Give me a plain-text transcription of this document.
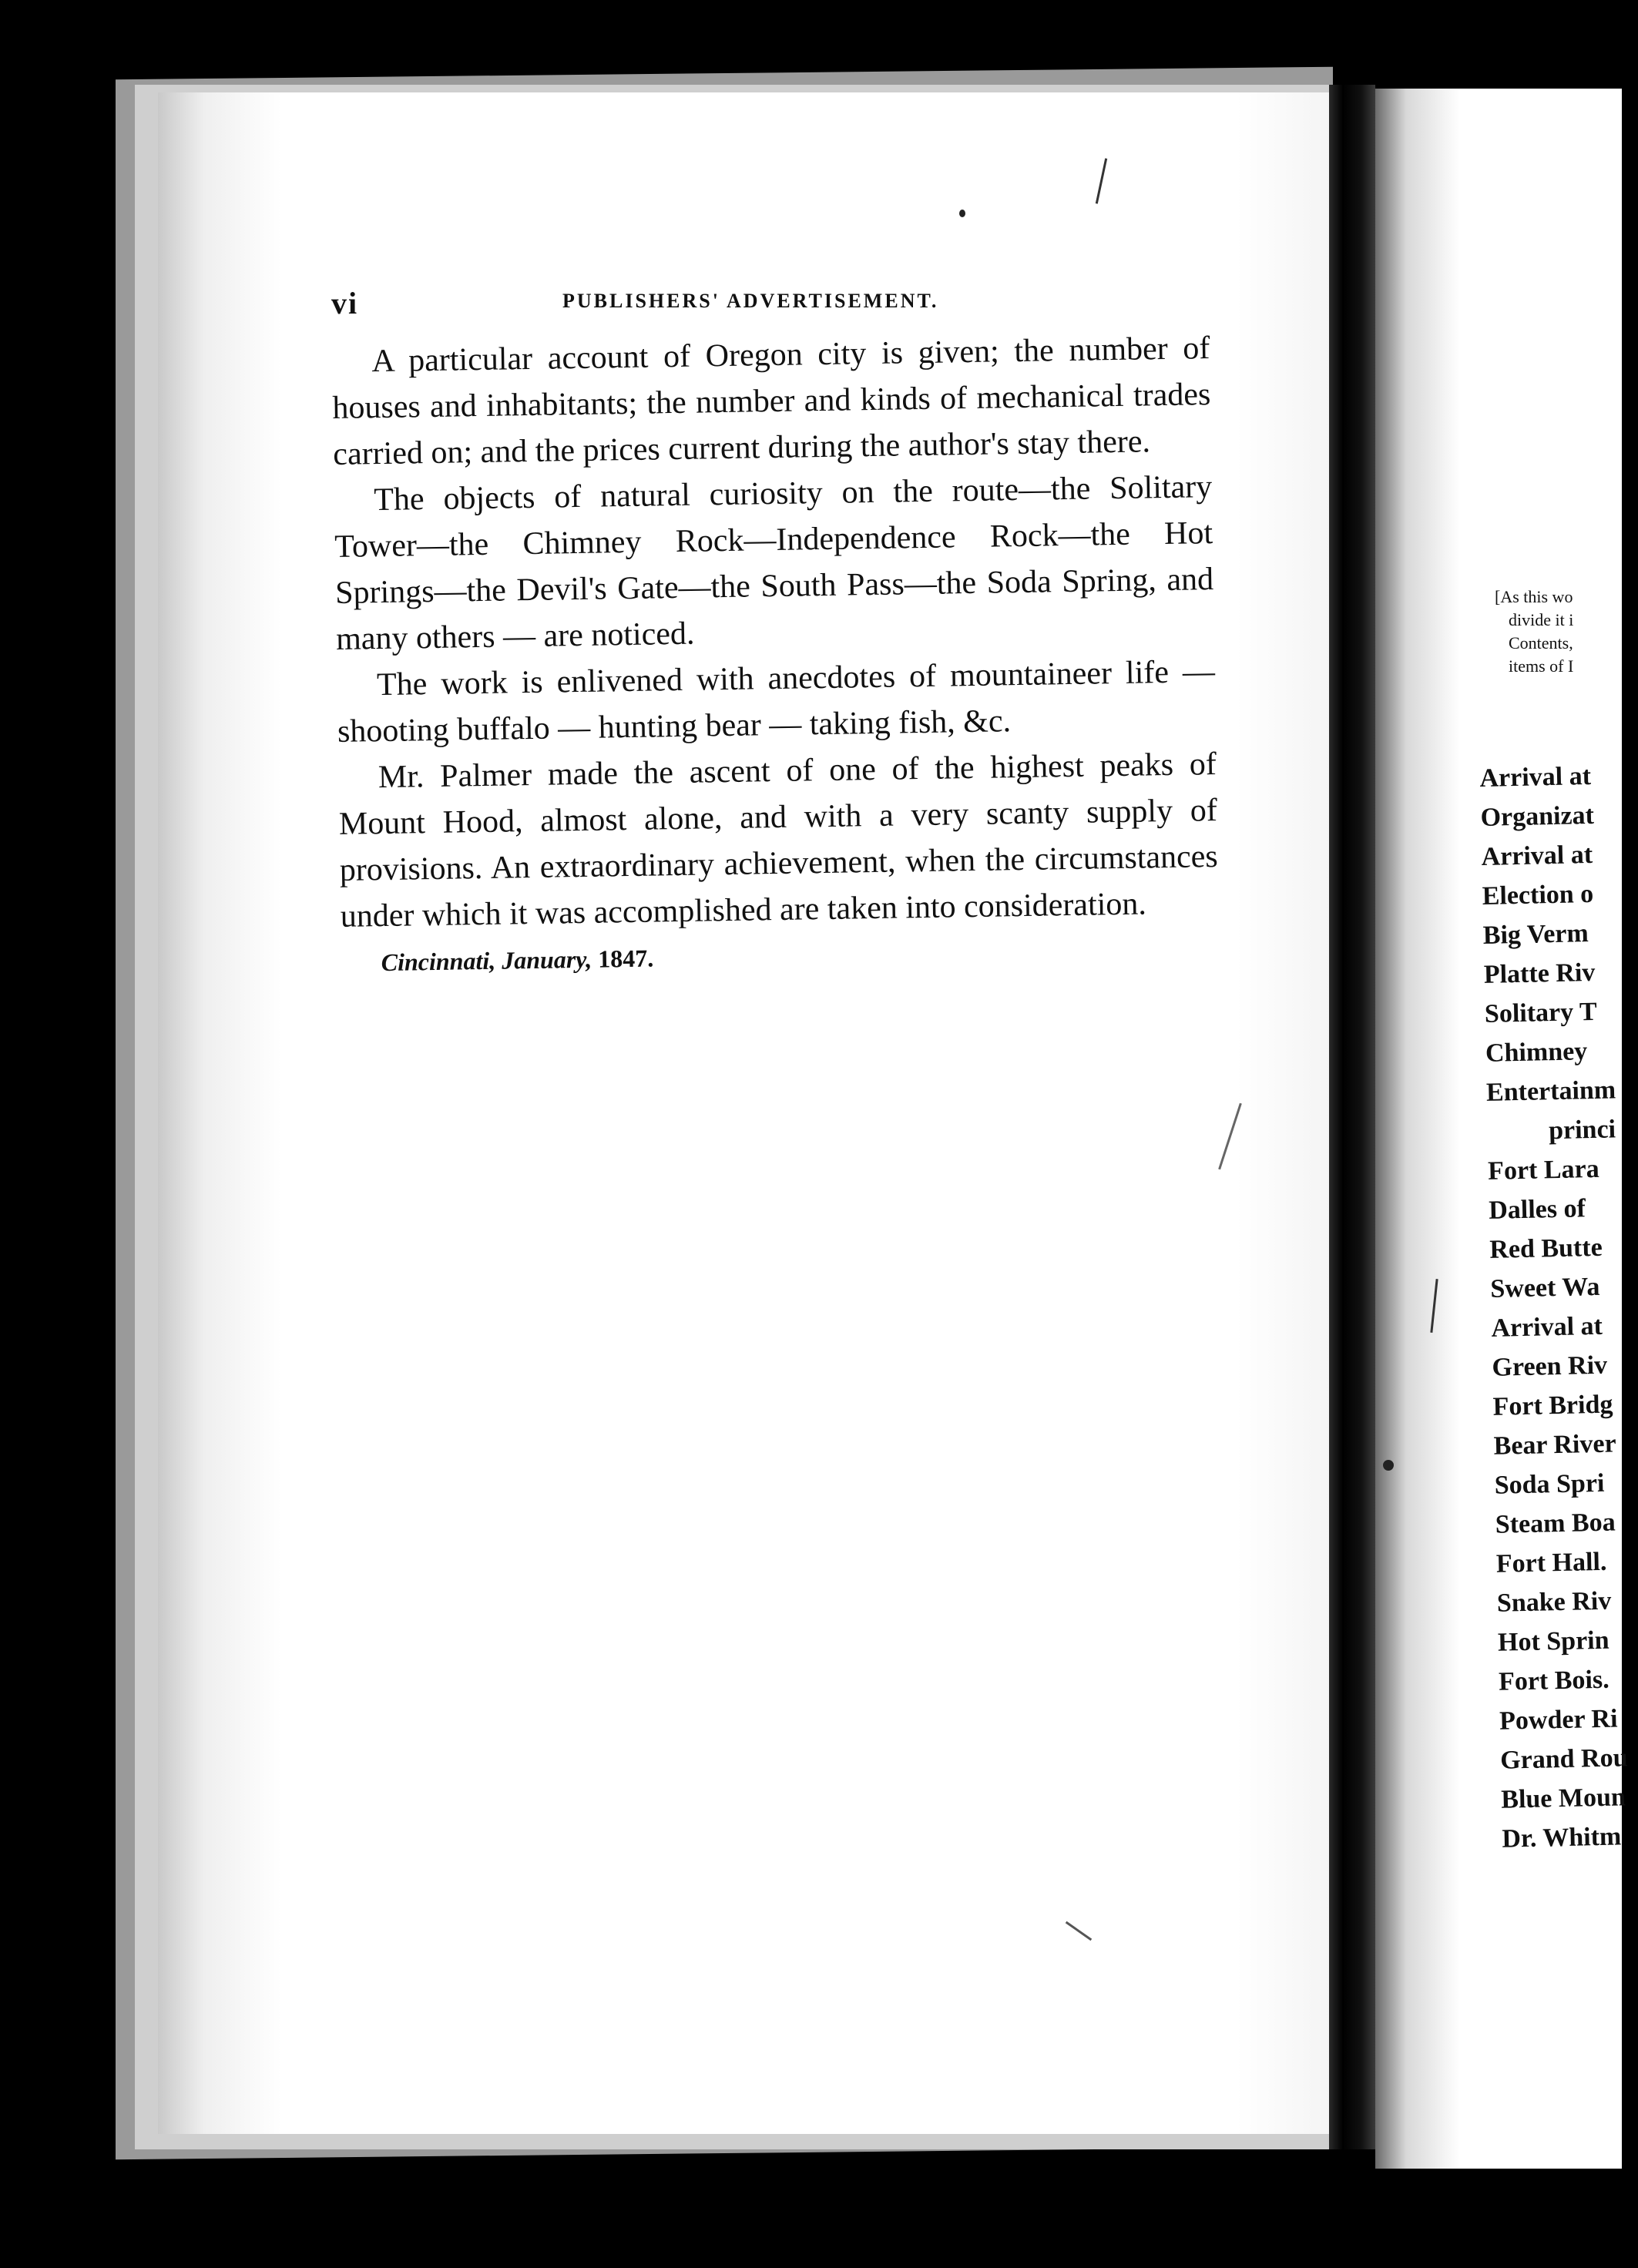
vi	PUBLISHERS' ADVERTISEMENT.

A particular account of Oregon city is given; the number of houses and inhabitants; the number and kinds of mechanical trades carried on; and the prices current during the author's stay there.

The objects of natural curiosity on the route—the Solitary Tower—the Chimney Rock—Independence Rock—the Hot Springs—the Devil's Gate—the South Pass—the Soda Spring, and many others — are noticed.

The work is enlivened with anecdotes of mountaineer life — shooting buffalo — hunting bear — taking fish, &c.

Mr. Palmer made the ascent of one of the highest peaks of Mount Hood, almost alone, and with a very scanty supply of provisions. An extraordinary achievement, when the circumstances under which it was accomplished are taken into consideration.

Cincinnati, January, 1847.

[As this wo
divide it i
Contents,
items of I
Arrival at
Organizat
Arrival at
Election o
Big Verm
Platte Riv
Solitary T
Chimney
Entertainm
princi
Fort Lara
Dalles of
Red Butte
Sweet Wa
Arrival at
Green Riv
Fort Bridg
Bear River
Soda Spri
Steam Boa
Fort Hall.
Snake Riv
Hot Sprin
Fort Bois.
Powder Ri
Grand Rou
Blue Moun
Dr. Whitm
